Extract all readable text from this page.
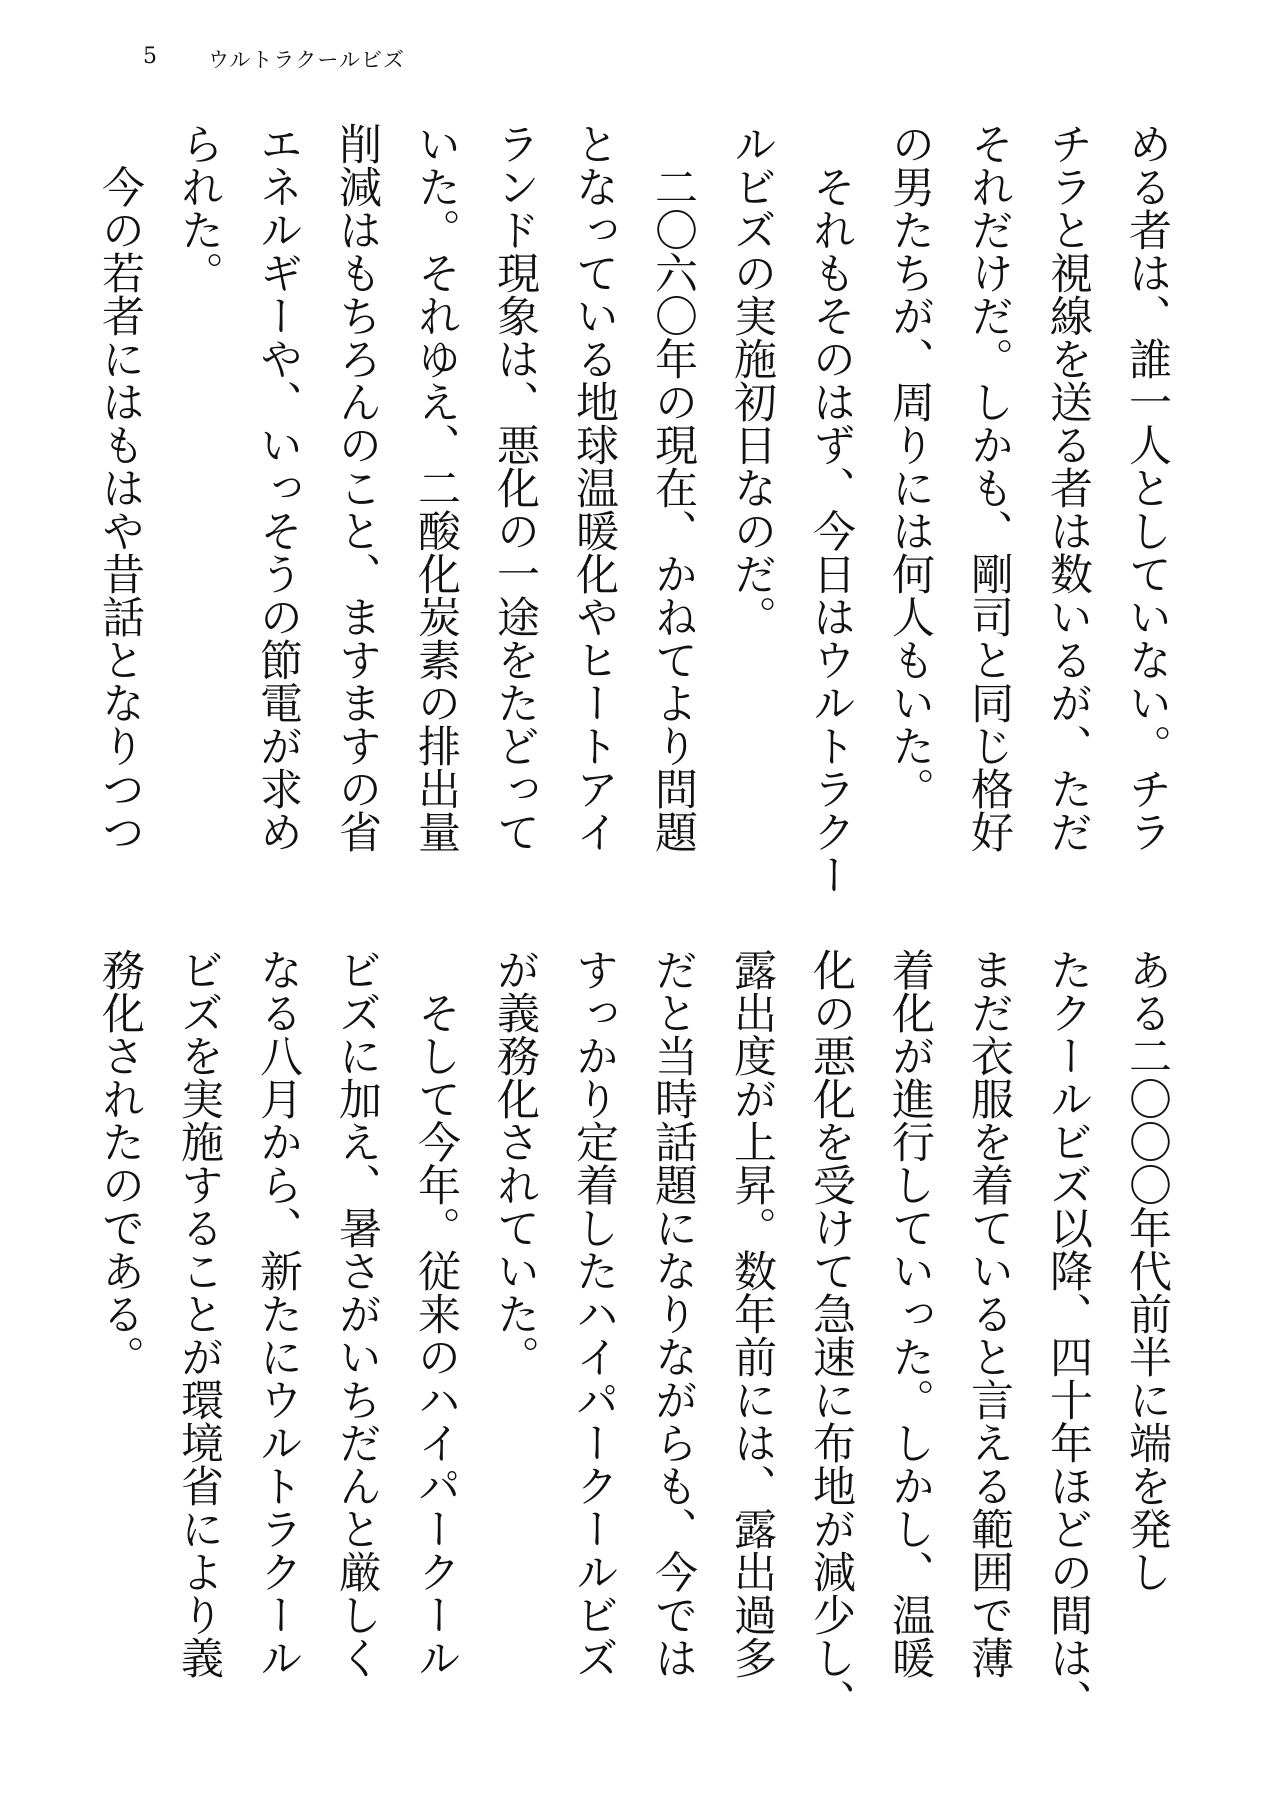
5 ウルトラクールビズ
める者は、誰一人としていない。チラ
チラと視線を送る者は数いるが、ただ
それだけだ。しかも、剛司と同じ格好
の男たちが、周りには何人もいた。
　それもそのはず、今日はウルトラクー
ルビズの実施初日なのだ。
　二〇六〇年の現在、かねてより問題
となっている地球温暖化やヒートアイ
ランド現象は、悪化の一途をたどって
いた。それゆえ、二酸化炭素の排出量
削減はもちろんのこと、ますますの省
エネルギーや、いっそうの節電が求め
られた。
　今の若者にはもはや昔話となりつつ
ある二〇〇〇年代前半に端を発し
たクールビズ以降、四十年ほどの間は、
まだ衣服を着ていると言える範囲で薄
着化が進行していった。しかし、温暖
化の悪化を受けて急速に布地が減少し、
露出度が上昇。数年前には、露出過多
だと当時話題になりながらも、今では
すっかり定着したハイパークールビズ
が義務化されていた。
　そして今年。従来のハイパークール
ビズに加え、暑さがいちだんと厳しく
なる八月から、新たにウルトラクール
ビズを実施することが環境省により義
務化されたのである。
